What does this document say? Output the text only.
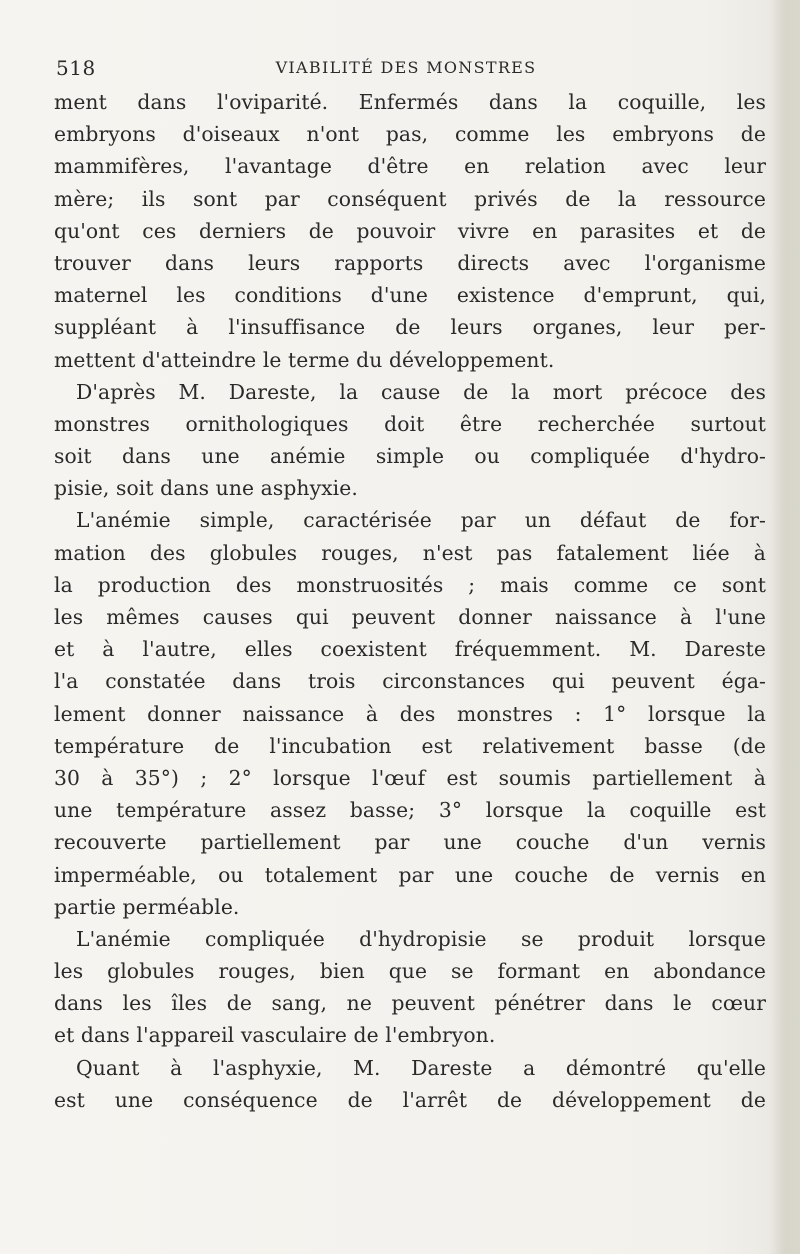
518	VIABILITÉ DES MONSTRES
ment dans l'oviparité. Enfermés dans la coquille, les
embryons d'oiseaux n'ont pas, comme les embryons de
mammifères, l'avantage d'être en relation avec leur
mère; ils sont par conséquent privés de la ressource
qu'ont ces derniers de pouvoir vivre en parasites et de
trouver dans leurs rapports directs avec l'organisme
maternel les conditions d'une existence d'emprunt, qui,
suppléant à l'insuffisance de leurs organes, leur per-
mettent d'atteindre le terme du développement.
D'après M. Dareste, la cause de la mort précoce des
monstres ornithologiques doit être recherchée surtout
soit dans une anémie simple ou compliquée d'hydro-
pisie, soit dans une asphyxie.
L'anémie simple, caractérisée par un défaut de for-
mation des globules rouges, n'est pas fatalement liée à
la production des monstruosités ; mais comme ce sont
les mêmes causes qui peuvent donner naissance à l'une
et à l'autre, elles coexistent fréquemment. M. Dareste
l'a constatée dans trois circonstances qui peuvent éga-
lement donner naissance à des monstres : 1° lorsque la
température de l'incubation est relativement basse (de
30 à 35°) ; 2° lorsque l'œuf est soumis partiellement à
une température assez basse; 3° lorsque la coquille est
recouverte partiellement par une couche d'un vernis
imperméable, ou totalement par une couche de vernis en
partie perméable.
L'anémie compliquée d'hydropisie se produit lorsque
les globules rouges, bien que se formant en abondance
dans les îles de sang, ne peuvent pénétrer dans le cœur
et dans l'appareil vasculaire de l'embryon.
Quant à l'asphyxie, M. Dareste a démontré qu'elle
est une conséquence de l'arrêt de développement de
